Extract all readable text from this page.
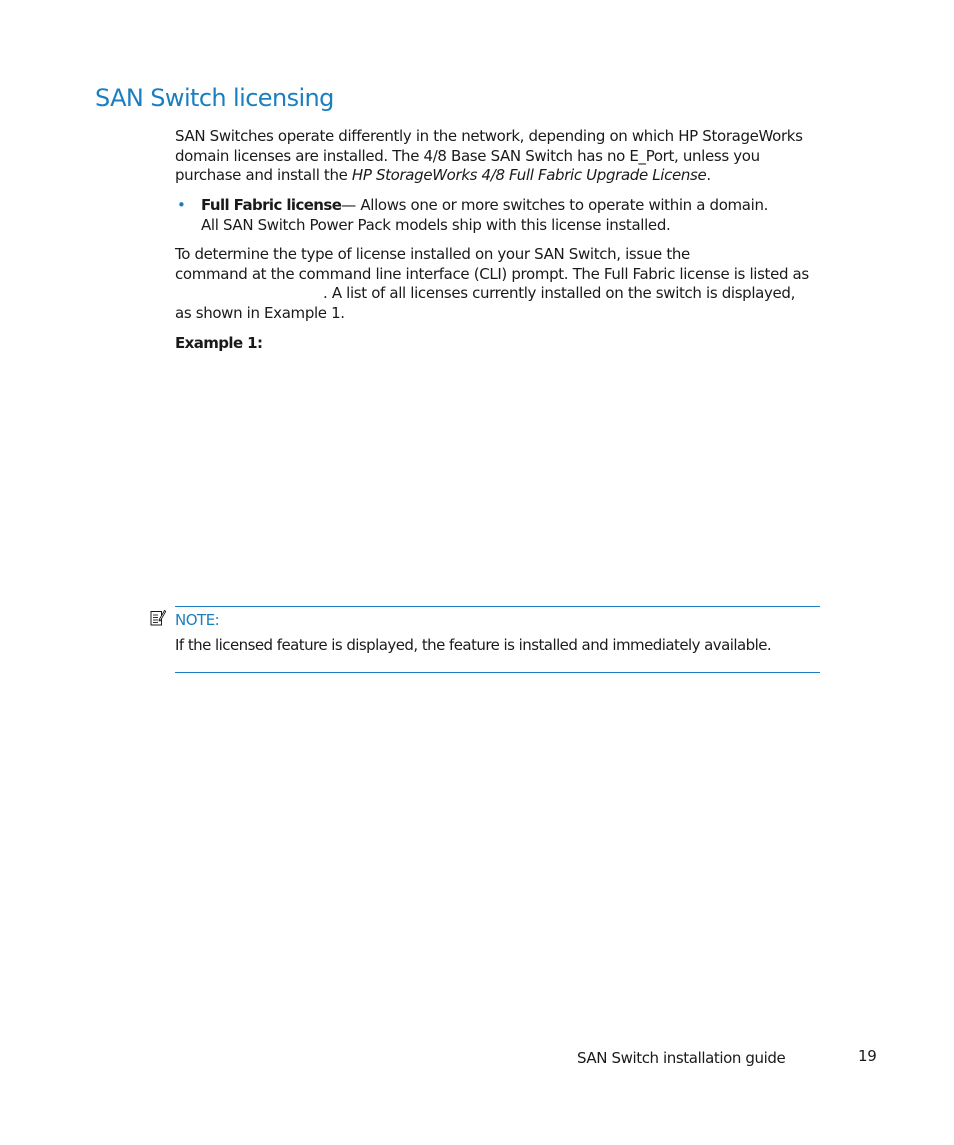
SAN Switch licensing
SAN Switches operate differently in the network, depending on which HP StorageWorks
domain licenses are installed. The 4/8 Base SAN Switch has no E_Port, unless you
purchase and install the HP StorageWorks 4/8 Full Fabric Upgrade License.
• Full Fabric license— Allows one or more switches to operate within a domain.
All SAN Switch Power Pack models ship with this license installed.
To determine the type of license installed on your SAN Switch, issue the
command at the command line interface (CLI) prompt. The Full Fabric license is listed as
. A list of all licenses currently installed on the switch is displayed,
as shown in Example 1.
Example 1:
NOTE:
If the licensed feature is displayed, the feature is installed and immediately available.
SAN Switch installation guide	19
